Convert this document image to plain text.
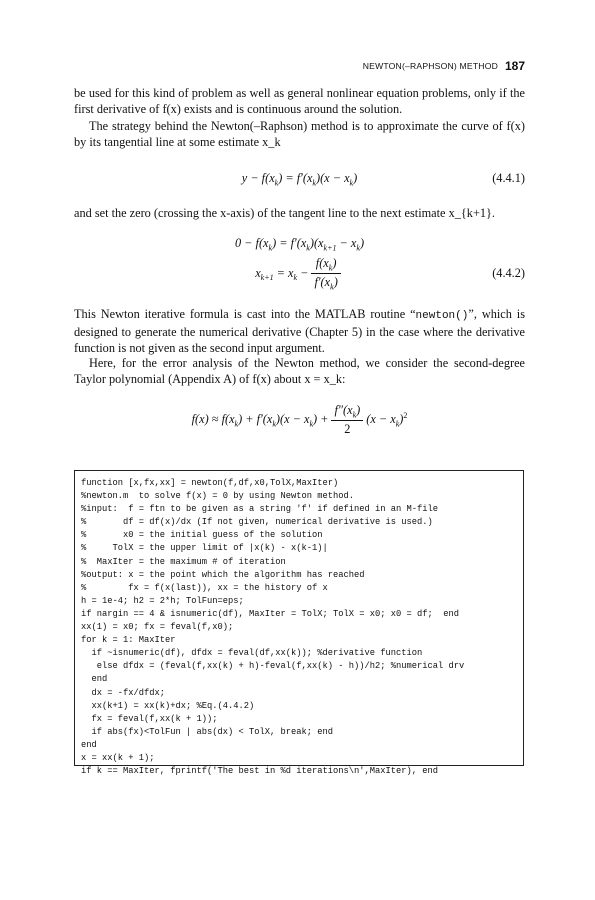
NEWTON(–RAPHSON) METHOD 187

be used for this kind of problem as well as general nonlinear equation problems, only if the first derivative of f(x) exists and is continuous around the solution.

The strategy behind the Newton(–Raphson) method is to approximate the curve of f(x) by its tangential line at some estimate x_k

$y - f(x_k) = f'(x_k)(x - x_k)$	(4.4.1)

and set the zero (crossing the x-axis) of the tangent line to the next estimate x_{k+1}.

$0 - f(x_k) = f'(x_k)(x_{k+1} - x_k)$
$x_{k+1} = x_k - \frac{f(x_k)}{f'(x_k)}$	(4.4.2)

This Newton iterative formula is cast into the MATLAB routine “newton()”, which is designed to generate the numerical derivative (Chapter 5) in the case where the derivative function is not given as the second input argument.

Here, for the error analysis of the Newton method, we consider the second-degree Taylor polynomial (Appendix A) of f(x) about x = x_k:

$f(x) \approx f(x_k) + f'(x_k)(x - x_k) + \frac{f''(x_k)}{2} (x - x_k)^2$
function [x,fx,xx] = newton(f,df,x0,TolX,MaxIter)
%newton.m  to solve f(x) = 0 by using Newton method.
%input:  f = ftn to be given as a string 'f' if defined in an M-file
%       df = df(x)/dx (If not given, numerical derivative is used.)
%       x0 = the initial guess of the solution
%     TolX = the upper limit of |x(k) - x(k-1)|
%  MaxIter = the maximum # of iteration
%output: x = the point which the algorithm has reached
%        fx = f(x(last)), xx = the history of x
h = 1e-4; h2 = 2*h; TolFun=eps;
if nargin == 4 & isnumeric(df), MaxIter = TolX; TolX = x0; x0 = df;  end
xx(1) = x0; fx = feval(f,x0);
for k = 1: MaxIter
if ~isnumeric(df), dfdx = feval(df,xx(k)); %derivative function
else dfdx = (feval(f,xx(k) + h)-feval(f,xx(k) - h))/h2; %numerical drv
end
dx = -fx/dfdx;
xx(k+1) = xx(k)+dx; %Eq.(4.4.2)
fx = feval(f,xx(k + 1));
if abs(fx)<TolFun | abs(dx) < TolX, break; end
end
x = xx(k + 1);
if k == MaxIter, fprintf('The best in %d iterations\n',MaxIter), end
